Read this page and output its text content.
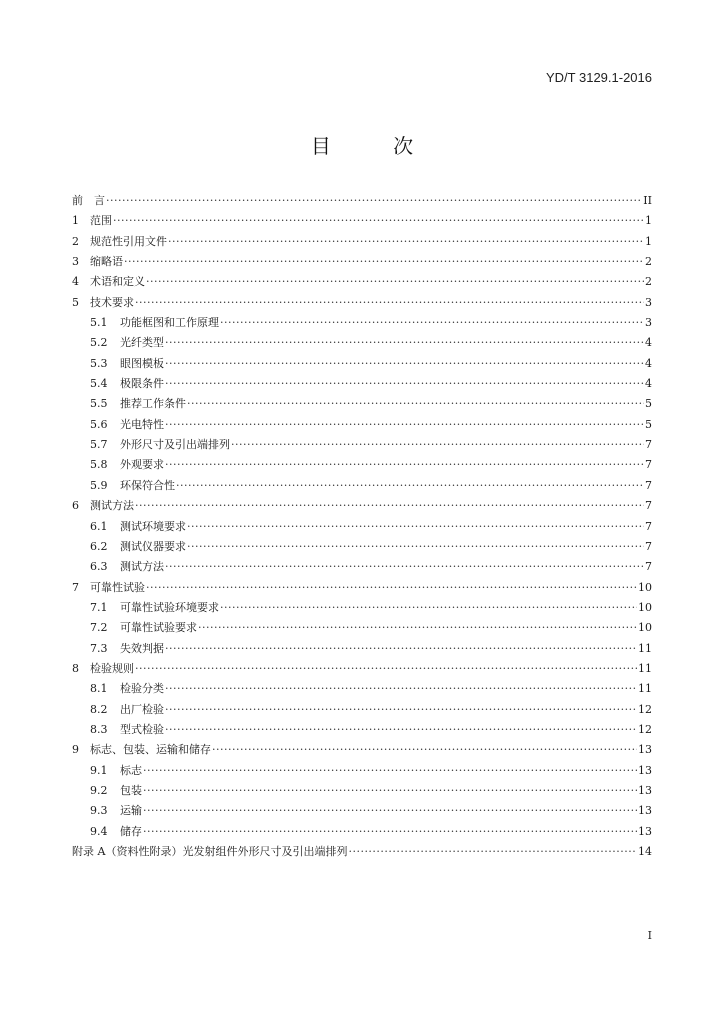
YD/T 3129.1-2016
目 次
前　言 ·····	II
1	范围 ·····	1
2	规范性引用文件 ·····	1
3	缩略语 ·····	2
4	术语和定义 ·····	2
5	技术要求 ·····	3
5.1	功能框图和工作原理 ·····	3
5.2	光纤类型 ·····	4
5.3	眼图模板 ·····	4
5.4	极限条件 ·····	4
5.5	推荐工作条件 ·····	5
5.6	光电特性 ·····	5
5.7	外形尺寸及引出端排列 ·····	7
5.8	外观要求 ·····	7
5.9	环保符合性 ·····	7
6	测试方法 ·····	7
6.1	测试环境要求 ·····	7
6.2	测试仪器要求 ·····	7
6.3	测试方法 ·····	7
7	可靠性试验 ·····	10
7.1	可靠性试验环境要求 ·····	10
7.2	可靠性试验要求 ·····	10
7.3	失效判据 ·····	11
8	检验规则 ·····	11
8.1	检验分类 ·····	11
8.2	出厂检验 ·····	12
8.3	型式检验 ·····	12
9	标志、包装、运输和储存 ·····	13
9.1	标志 ·····	13
9.2	包装 ·····	13
9.3	运输 ·····	13
9.4	储存 ·····	13
附录 A（资料性附录）光发射组件外形尺寸及引出端排列 ·····	14
I
